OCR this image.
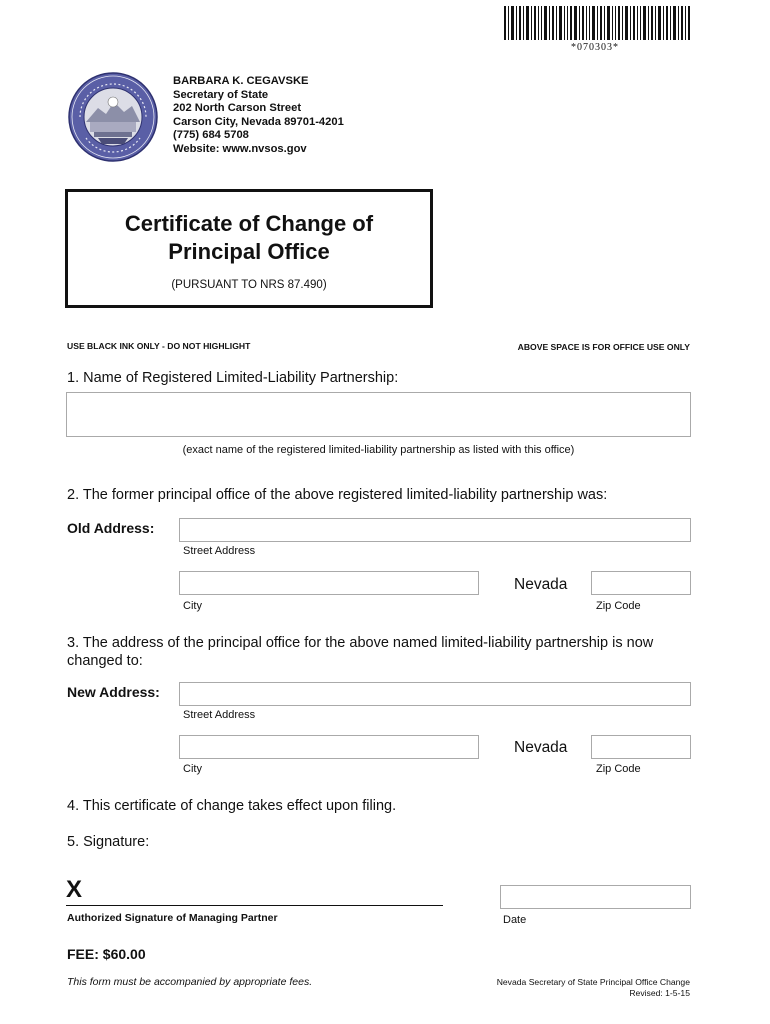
*070303*
BARBARA K. CEGAVSKE
Secretary of State
202 North Carson Street
Carson City, Nevada 89701-4201
(775) 684 5708
Website: www.nvsos.gov
Certificate of Change of
Principal Office
(PURSUANT TO NRS 87.490)
USE BLACK INK ONLY - DO NOT HIGHLIGHT	ABOVE SPACE IS FOR OFFICE USE ONLY
1. Name of Registered Limited-Liability Partnership:
(exact name of the registered limited-liability partnership as listed with this office)
2. The former principal office of the above registered limited-liability partnership was:
Old Address:
Street Address
Nevada
City	Zip Code
3. The address of the principal office for the above named limited-liability partnership is now
changed to:
New Address:
Street Address
Nevada
City	Zip Code
4. This certificate of change takes effect upon filing.
5. Signature:
X
Authorized Signature of Managing Partner	Date
FEE: $60.00
This form must be accompanied by appropriate fees.	Nevada Secretary of State Principal Office Change
Revised: 1-5-15
